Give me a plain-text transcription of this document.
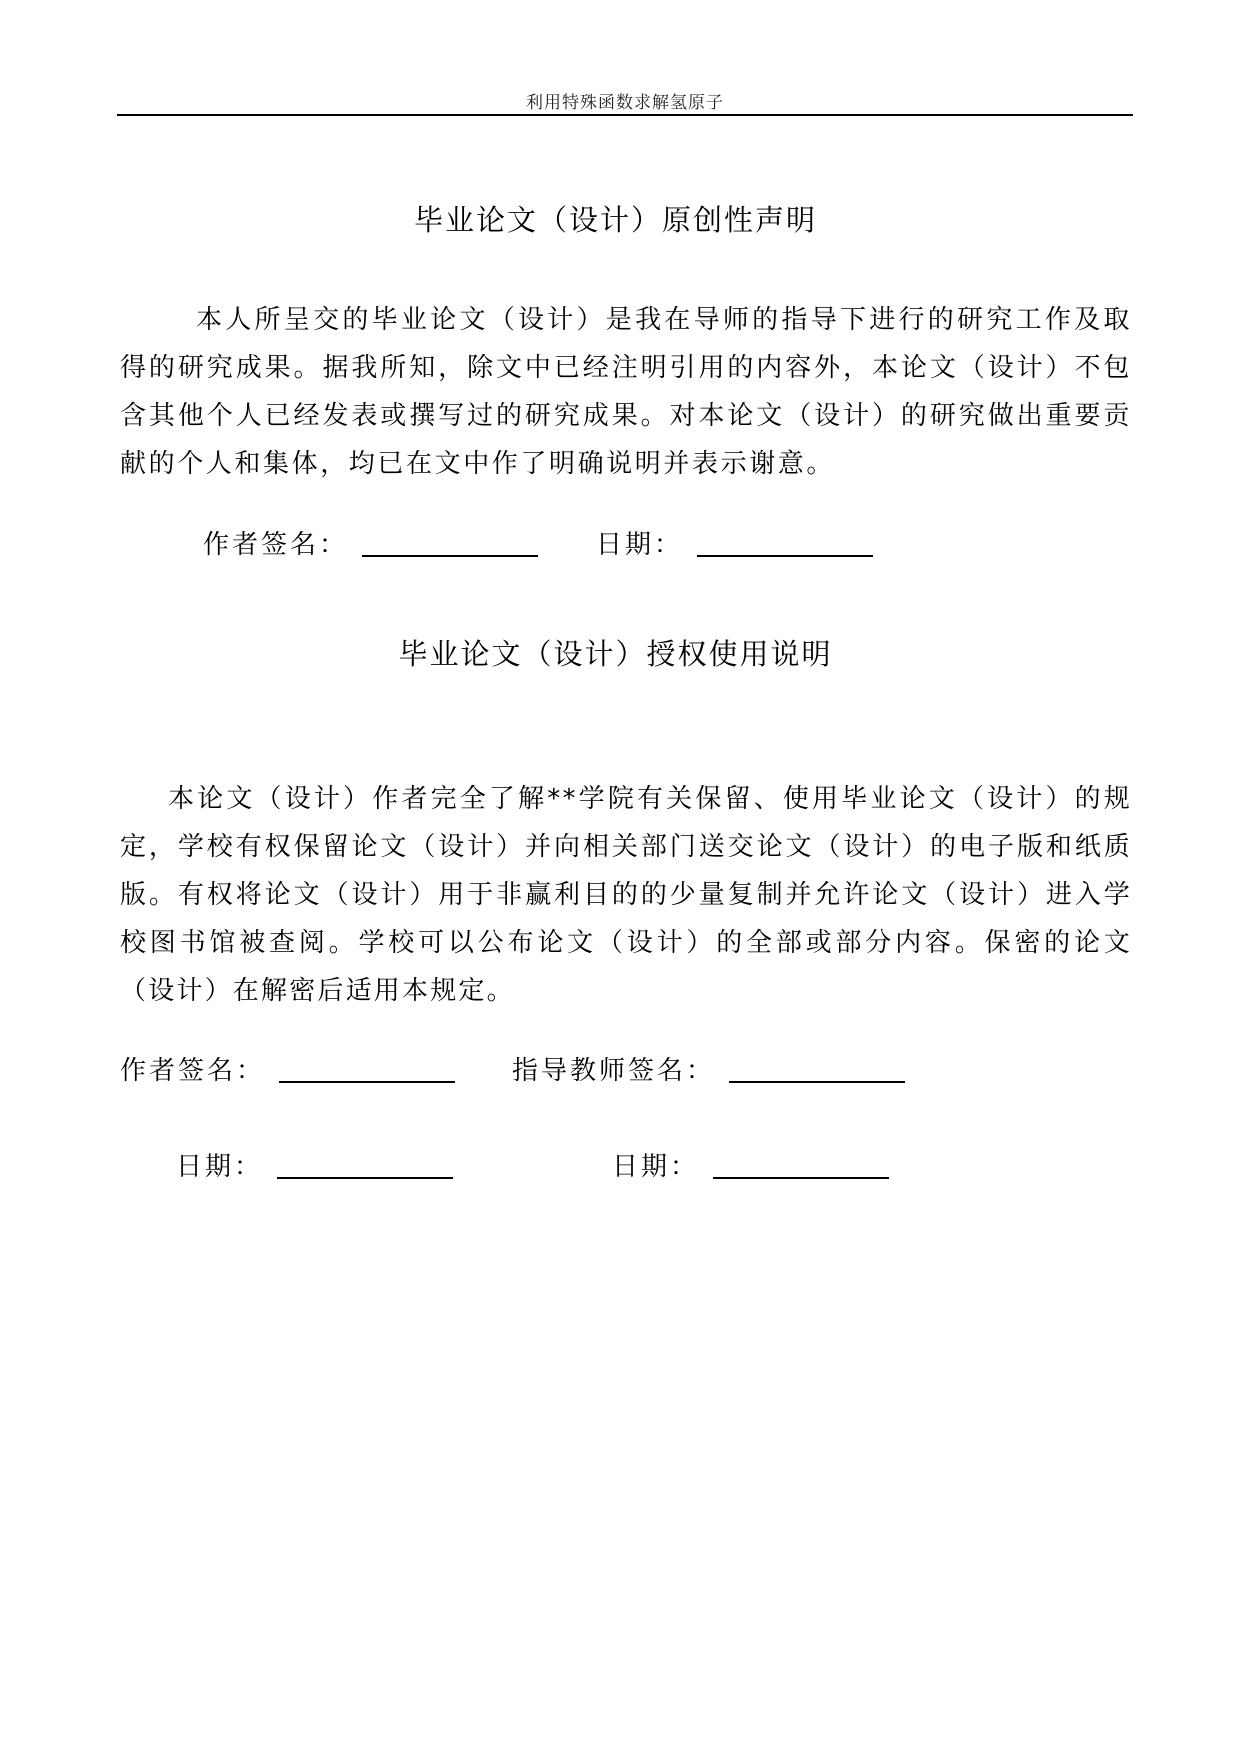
利用特殊函数求解氢原子
毕业论文（设计）原创性声明
本人所呈交的毕业论文（设计）是我在导师的指导下进行的研究工作及取得的研究成果。据我所知，除文中已经注明引用的内容外，本论文（设计）不包含其他个人已经发表或撰写过的研究成果。对本论文（设计）的研究做出重要贡献的个人和集体，均已在文中作了明确说明并表示谢意。
作者签名：	日期：
毕业论文（设计）授权使用说明
本论文（设计）作者完全了解**学院有关保留、使用毕业论文（设计）的规定，学校有权保留论文（设计）并向相关部门送交论文（设计）的电子版和纸质版。有权将论文（设计）用于非赢利目的的少量复制并允许论文（设计）进入学校图书馆被查阅。学校可以公布论文（设计）的全部或部分内容。保密的论文（设计）在解密后适用本规定。
作者签名：	指导教师签名：
日期：	日期：
